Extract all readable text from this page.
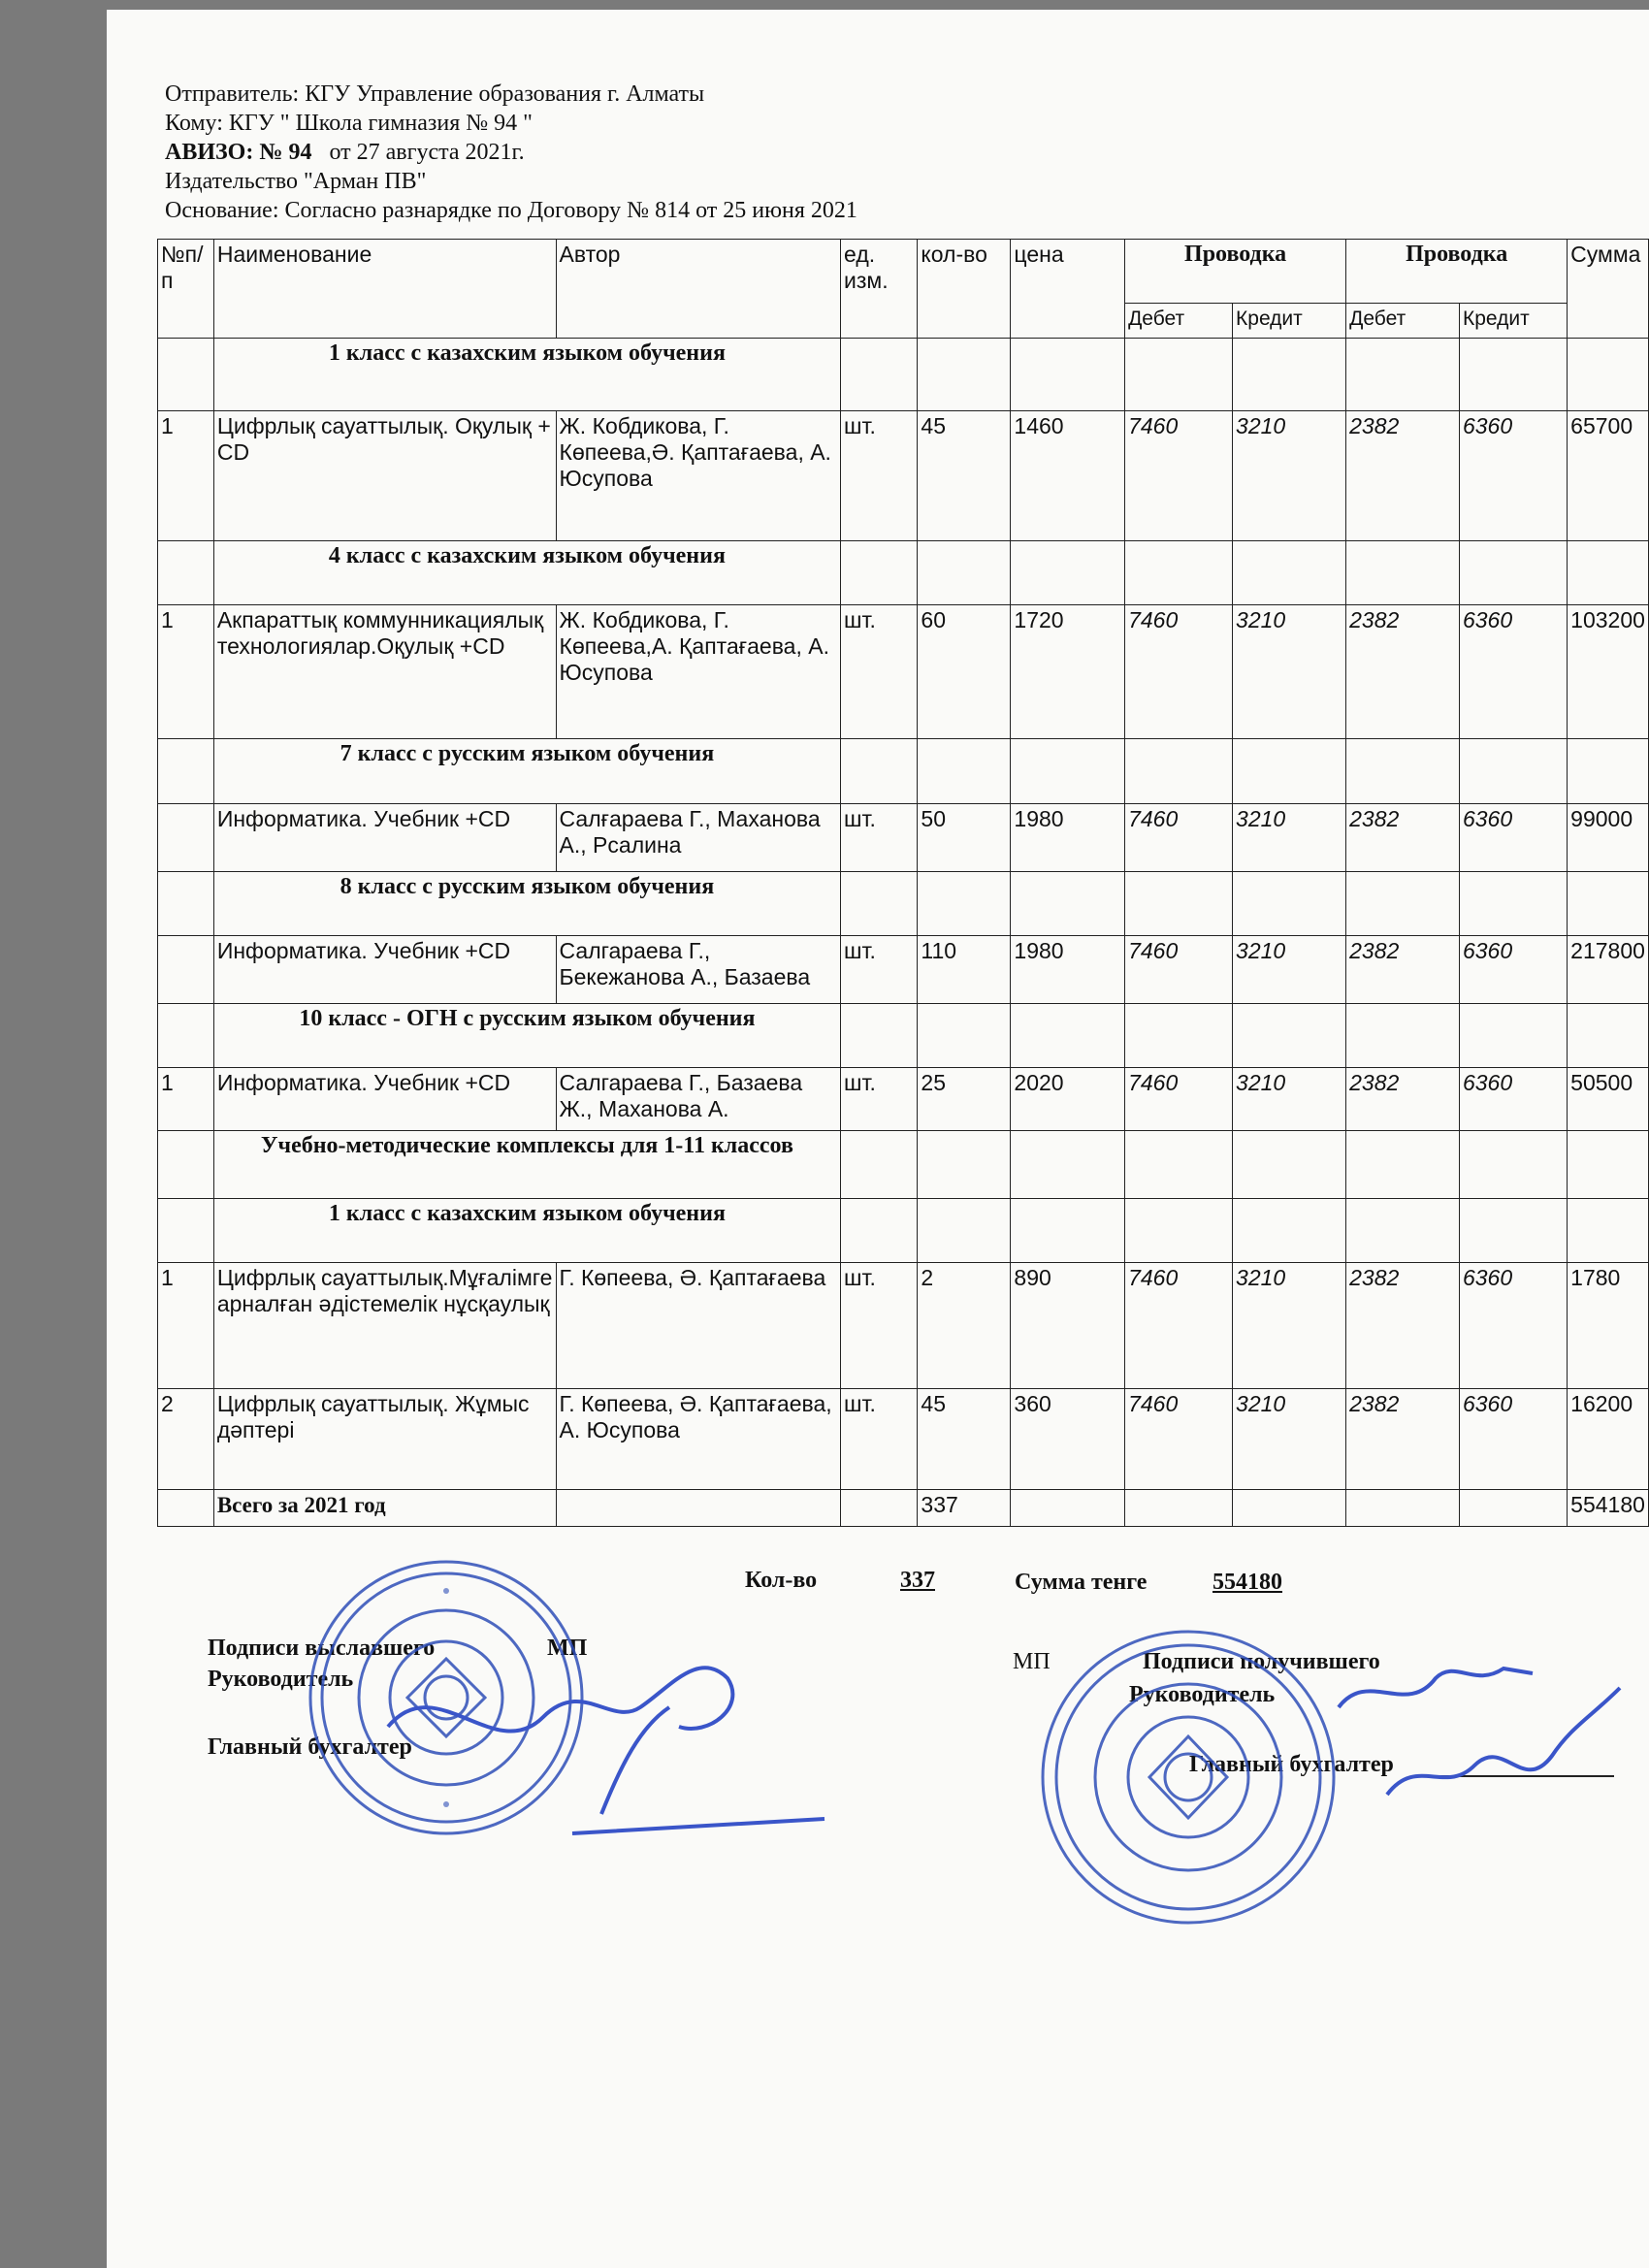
Отправитель: КГУ Управление образования г. Алматы
Кому: КГУ " Школа гимназия № 94 "
АВИЗО: № 94 от 27 августа 2021г.
Издательство "Арман ПВ"
Основание: Согласно разнарядке по Договору № 814 от 25 июня 2021
№п/п	Наименование	Автор	ед. изм.	кол-во	цена	Проводка		Проводка		Сумма
						Дебет	Кредит	Дебет	Кредит	
	1 класс с казахским языком обучения									
1	Цифрлық сауаттылық. Оқулық + CD	Ж. Кобдикова, Г. Көпеева,Ә. Қаптағаева, А. Юсупова	шт.	45	1460	7460	3210	2382	6360	65700
	4 класс с казахским языком обучения									
1	Акпараттық коммунникациялық технологиялар.Оқулық +CD	Ж. Кобдикова, Г. Көпеева,А. Қаптағаева, А. Юсупова	шт.	60	1720	7460	3210	2382	6360	103200
	7 класс с русским языком обучения									
	Информатика. Учебник +CD	Салғараева Г., Маханова А., Рсалина	шт.	50	1980	7460	3210	2382	6360	99000
	8 класс с русским языком обучения									
	Информатика. Учебник +CD	Салгараева Г., Бекежанова А., Базаева	шт.	110	1980	7460	3210	2382	6360	217800
	10 класс - ОГН с русским языком обучения									
1	Информатика. Учебник +CD	Салгараева Г., Базаева Ж., Маханова А.	шт.	25	2020	7460	3210	2382	6360	50500
	Учебно-методические комплексы для 1-11 классов									
	1 класс с казахским языком обучения									
1	Цифрлық сауаттылық.Мұғалімге арналған әдістемелік нұсқаулық	Г. Көпеева, Ә. Қаптағаева	шт.	2	890	7460	3210	2382	6360	1780
2	Цифрлық сауаттылық. Жұмыс дәптері	Г. Көпеева, Ә. Қаптағаева, А. Юсупова	шт.	45	360	7460	3210	2382	6360	16200
	Всего за 2021 год			337						554180
Кол-во	337	Сумма тенге	554180
Подписи выславшего	МП
Руководитель
Главный бухгалтер
МП	Подписи получившего
Руководитель
Главный бухгалтер
